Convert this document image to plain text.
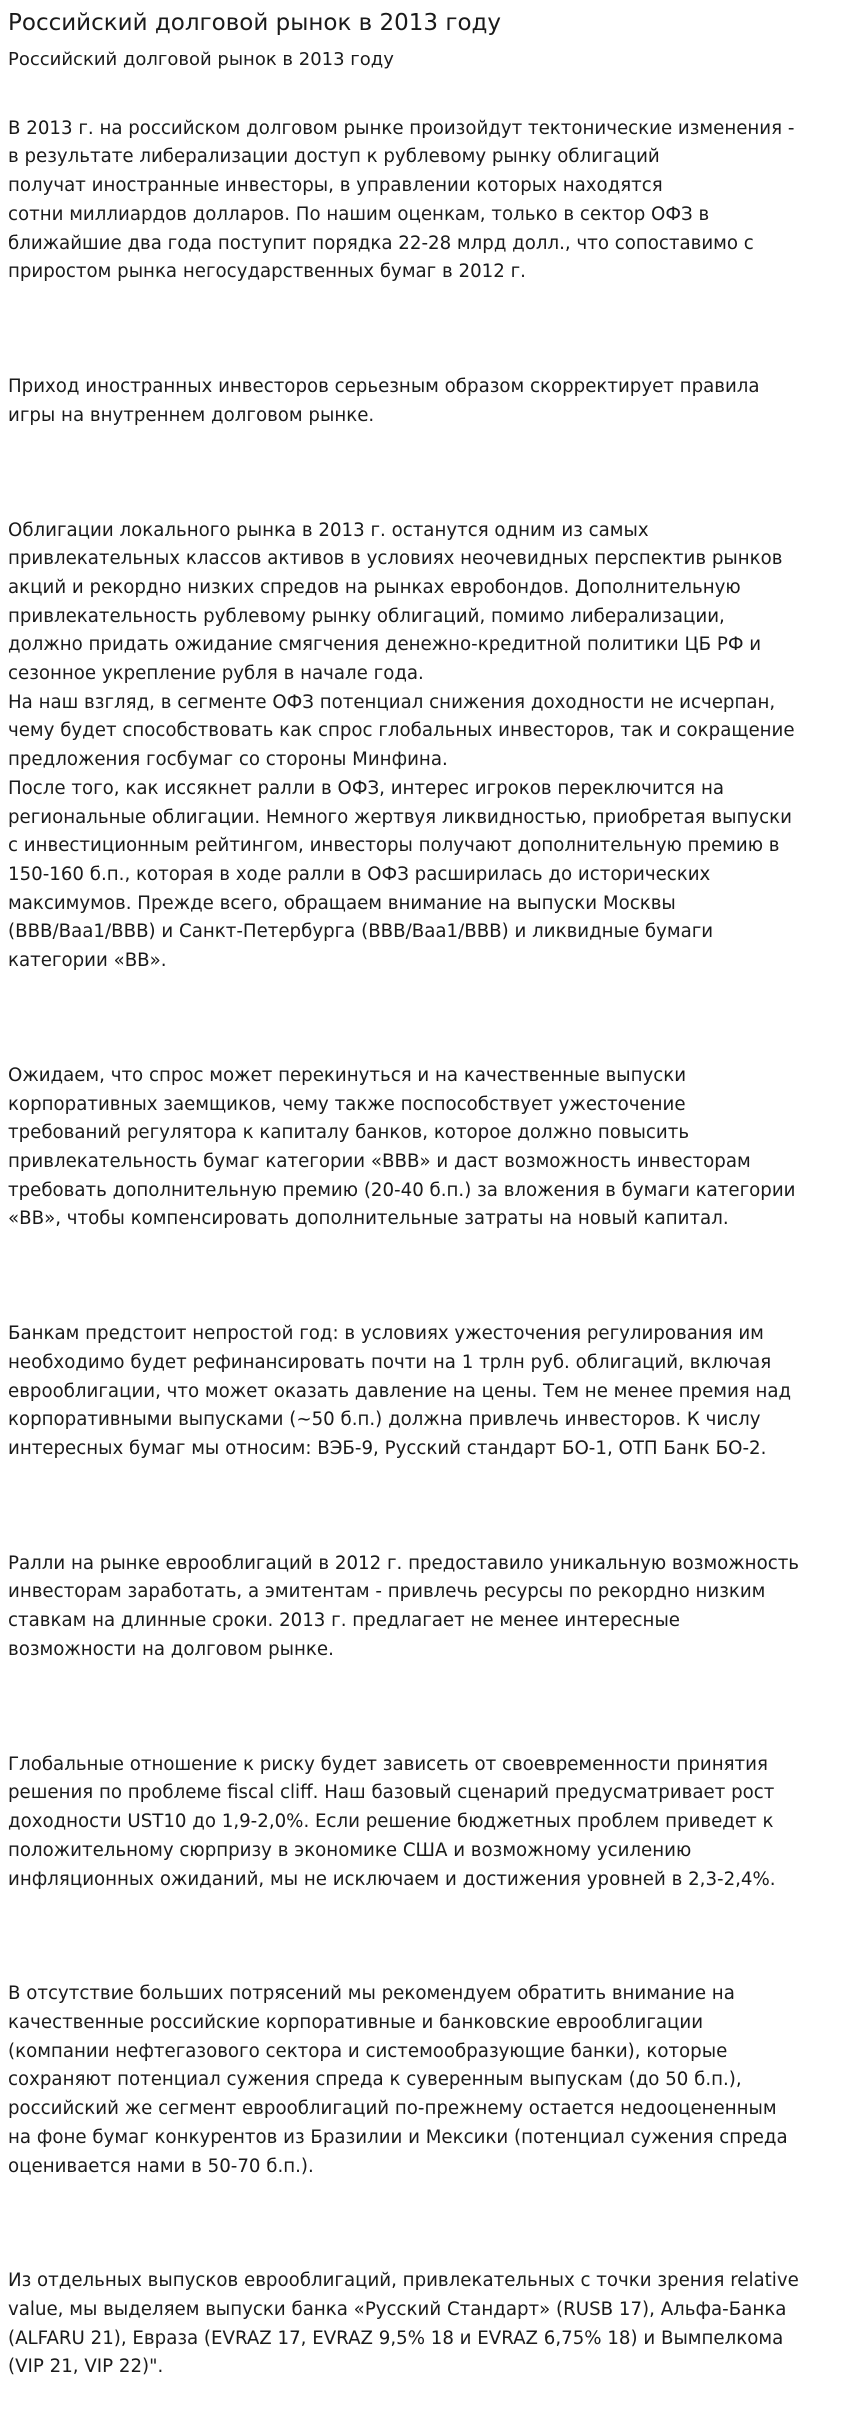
Российский долговой рынок в 2013 году
Российский долговой рынок в 2013 году

В 2013 г. на российском долговом рынке произойдут тектонические изменения -
в результате либерализации доступ к рублевому рынку облигаций
получат иностранные инвесторы, в управлении которых находятся
сотни миллиардов долларов. По нашим оценкам, только в сектор ОФЗ в
ближайшие два года поступит порядка 22-28 млрд долл., что сопоставимо с
приростом рынка негосударственных бумаг в 2012 г.

Приход иностранных инвесторов серьезным образом скорректирует правила
игры на внутреннем долговом рынке.

Облигации локального рынка в 2013 г. останутся одним из самых
привлекательных классов активов в условиях неочевидных перспектив рынков
акций и рекордно низких спредов на рынках евробондов. Дополнительную
привлекательность рублевому рынку облигаций, помимо либерализации,
должно придать ожидание смягчения денежно-кредитной политики ЦБ РФ и
сезонное укрепление рубля в начале года.
На наш взгляд, в сегменте ОФЗ потенциал снижения доходности не исчерпан,
чему будет способствовать как спрос глобальных инвесторов, так и сокращение
предложения госбумаг со стороны Минфина.
После того, как иссякнет ралли в ОФЗ, интерес игроков переключится на
региональные облигации. Немного жертвуя ликвидностью, приобретая выпуски
с инвестиционным рейтингом, инвесторы получают дополнительную премию в
150-160 б.п., которая в ходе ралли в ОФЗ расширилась до исторических
максимумов. Прежде всего, обращаем внимание на выпуски Москвы
(BBB/Baa1/BBB) и Санкт-Петербурга (BBB/Baa1/BBB) и ликвидные бумаги
категории «ВВ».

Ожидаем, что спрос может перекинуться и на качественные выпуски
корпоративных заемщиков, чему также поспособствует ужесточение
требований регулятора к капиталу банков, которое должно повысить
привлекательность бумаг категории «ВВВ» и даст возможность инвесторам
требовать дополнительную премию (20-40 б.п.) за вложения в бумаги категории
«ВВ», чтобы компенсировать дополнительные затраты на новый капитал.

Банкам предстоит непростой год: в условиях ужесточения регулирования им
необходимо будет рефинансировать почти на 1 трлн руб. облигаций, включая
еврооблигации, что может оказать давление на цены. Тем не менее премия над
корпоративными выпусками (~50 б.п.) должна привлечь инвесторов. К числу
интересных бумаг мы относим: ВЭБ-9, Русский стандарт БО-1, ОТП Банк БО-2.

Ралли на рынке еврооблигаций в 2012 г. предоставило уникальную возможность
инвесторам заработать, а эмитентам - привлечь ресурсы по рекордно низким
ставкам на длинные сроки. 2013 г. предлагает не менее интересные
возможности на долговом рынке.

Глобальные отношение к риску будет зависеть от своевременности принятия
решения по проблеме fiscal cliff. Наш базовый сценарий предусматривает рост
доходности UST10 до 1,9-2,0%. Если решение бюджетных проблем приведет к
положительному сюрпризу в экономике США и возможному усилению
инфляционных ожиданий, мы не исключаем и достижения уровней в 2,3-2,4%.

В отсутствие больших потрясений мы рекомендуем обратить внимание на
качественные российские корпоративные и банковские еврооблигации
(компании нефтегазового сектора и системообразующие банки), которые
сохраняют потенциал сужения спреда к суверенным выпускам (до 50 б.п.),
российский же сегмент еврооблигаций по-прежнему остается недооцененным
на фоне бумаг конкурентов из Бразилии и Мексики (потенциал сужения спреда
оценивается нами в 50-70 б.п.).

Из отдельных выпусков еврооблигаций, привлекательных с точки зрения relative
value, мы выделяем выпуски банка «Русский Стандарт» (RUSB 17), Альфа-Банка
(ALFARU 21), Евраза (EVRAZ 17, EVRAZ 9,5% 18 и EVRAZ 6,75% 18) и Вымпелкома
(VIP 21, VIP 22)".
